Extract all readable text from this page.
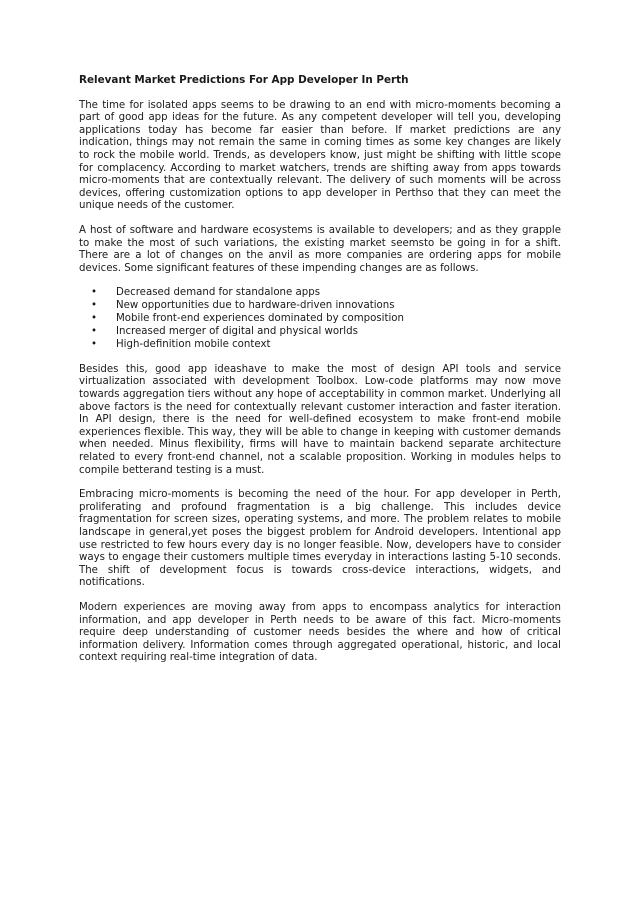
Relevant Market Predictions For App Developer In Perth

The time for isolated apps seems to be drawing to an end with micro-moments becoming a part of good app ideas for the future. As any competent developer will tell you, developing applications today has become far easier than before. If market predictions are any indication, things may not remain the same in coming times as some key changes are likely to rock the mobile world. Trends, as developers know, just might be shifting with little scope for complacency. According to market watchers, trends are shifting away from apps towards micro-moments that are contextually relevant. The delivery of such moments will be across devices, offering customization options to app developer in Perthso that they can meet the unique needs of the customer.

A host of software and hardware ecosystems is available to developers; and as they grapple to make the most of such variations, the existing market seemsto be going in for a shift. There are a lot of changes on the anvil as more companies are ordering apps for mobile devices. Some significant features of these impending changes are as follows.

• Decreased demand for standalone apps
• New opportunities due to hardware-driven innovations
• Mobile front-end experiences dominated by composition
• Increased merger of digital and physical worlds
• High-definition mobile context

Besides this, good app ideashave to make the most of design API tools and service virtualization associated with development Toolbox. Low-code platforms may now move towards aggregation tiers without any hope of acceptability in common market. Underlying all above factors is the need for contextually relevant customer interaction and faster iteration. In API design, there is the need for well-defined ecosystem to make front-end mobile experiences flexible. This way, they will be able to change in keeping with customer demands when needed. Minus flexibility, firms will have to maintain backend separate architecture related to every front-end channel, not a scalable proposition. Working in modules helps to compile betterand testing is a must.

Embracing micro-moments is becoming the need of the hour. For app developer in Perth, proliferating and profound fragmentation is a big challenge. This includes device fragmentation for screen sizes, operating systems, and more. The problem relates to mobile landscape in general,yet poses the biggest problem for Android developers. Intentional app use restricted to few hours every day is no longer feasible. Now, developers have to consider ways to engage their customers multiple times everyday in interactions lasting 5-10 seconds. The shift of development focus is towards cross-device interactions, widgets, and notifications.

Modern experiences are moving away from apps to encompass analytics for interaction information, and app developer in Perth needs to be aware of this fact. Micro-moments require deep understanding of customer needs besides the where and how of critical information delivery. Information comes through aggregated operational, historic, and local context requiring real-time integration of data.
